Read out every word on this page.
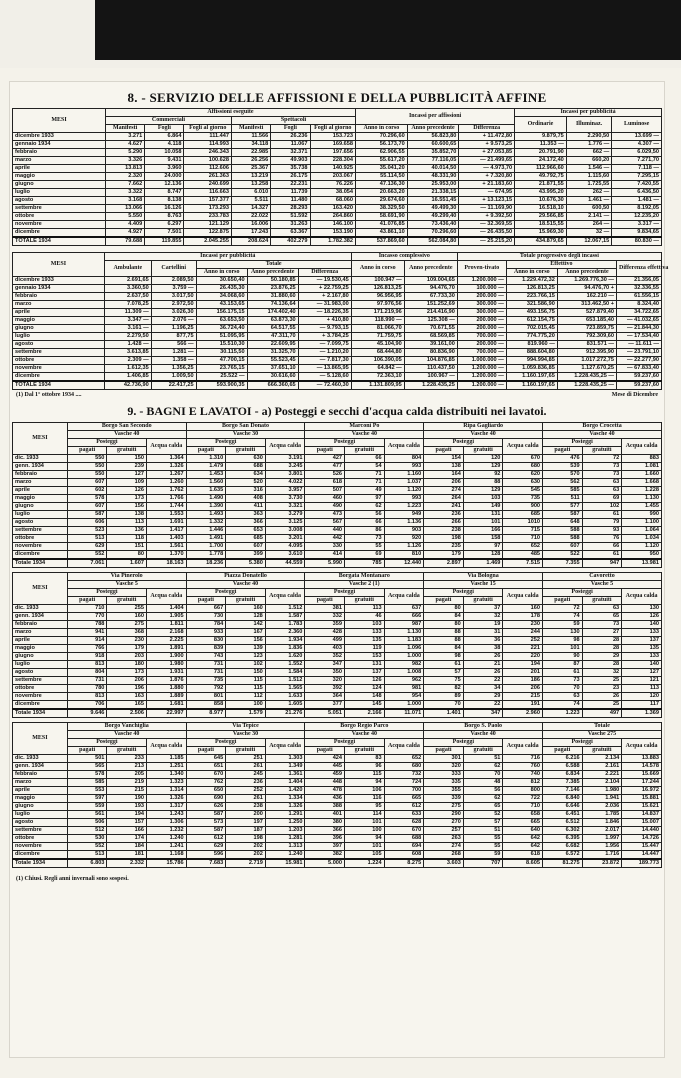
8. - SERVIZIO DELLE AFFISSIONI E DELLA PUBBLICITÀ AFFINE
MESI	Affissioni eseguite						Incassi per affissioni			Incassi per pubblicità		
	Commerciali			Spettacoli						Ordinarie	Illuminaz.	Luminose
	Manifesti	Fogli	Fogli al giorno	Manifesti	Fogli	Fogli al giorno	Anno in corso	Anno precedente	Differenza			
dicembre 1933	3.271	6.864	111.447	11.566	26.236	153.723	70.296,60	56.823,80	+ 11.472,80	9.879,75	2.290,50	13.699 —
gennaio 1934	4.627	4.118	114.993	34.118	11.067	169.658	56.173,70	60.600,65	+ 9.573,25	11.353 —	1.776 —	4.307 —
febbraio	5.290	10.058	246.343	22.985	32.371	197.656	62.906,55	35.852,70	+ 27.053,85	20.791,90	662 —	6.029,50
marzo	3.326	9.431	100.628	26.256	49.903	228.304	55.617,20	77.116,05	— 21.499,65	24.172,40	660,20	7.271,70
aprile	13.813	3.960	112.606	25.367	35.738	140.925	35.041,20	40.014,50	— 4.973,70	112.966,60	1.546 —	7.118 —
maggio	2.320	24.000	261.363	13.219	26.175	203.067	55.114,50	48.331,90	+ 7.320,80	49.792,75	1.115,60	7.295,15
giugno	7.662	12.136	240.699	13.258	22.231	76.226	47.136,30	25.953,00	+ 21.183,60	21.871,55	1.725,55	7.420,55
luglio	3.322	8.747	116.663	6.010	11.739	38.054	20.663,20	21.338,15	— 674,95	43.995,20	262 —	6.436,50
agosto	3.168	8.138	157.377	5.511	11.480	68.060	29.674,60	16.551,45	+ 13.123,15	10.676,30	1.461 —	1.481 —
settembre	13.066	16.126	173.293	14.327	28.293	163.420	38.329,50	49.499,30	— 11.169,90	16.518,10	600,50	8.192,05
ottobre	5.550	8.763	233.783	22.022	51.592	264.860	58.691,90	49.299,40	+ 9.392,50	29.566,85	2.141 —	12.235,20
novembre	4.409	6.297	121.129	16.006	31.263	146.100	41.076,85	73.436,40	— 32.369,55	18.515,55	264 —	3.317 —
dicembre	4.927	7.501	122.875	17.243	63.367	153.190	43.861,10	70.296,60	— 26.435,50	15.969,30	32 —	9.834,65
TOTALE 1934	79.688	119.855	2.045.255	208.624	402.279	1.782.382	537.869,60	562.084,80	— 25.215,20	434.879,65	12.067,15	80.830 —
MESI	Incassi per pubblicità					Incasso complessivo		Totale progressivo degli incassi			
	Ambulante	Cartellini	Totale			Anno in corso	Anno precedente	Proven-tivato	Effettivo		Differenza effettiva
			Anno in corso	Anno precedente	Differenza				Anno in corso	Anno precedente	
dicembre 1933	2.691,65	2.089,50	30.650,40	50.180,85	— 19.530,45	100.947 —	109.004,65	1.200.000 —	1.229.472,32	1.269.776,30 —	21.356,05
gennaio 1934	3.360,50	3.759 —	26.435,30	23.876,25	+ 22.759,25	126.813,25	94.476,70	100.000 —	126.813,25	94.476,70 +	32.336,55
febbraio	2.637,50	3.017,50	34.068,60	31.880,60	+ 2.167,80	96.956,95	67.733,30	200.000 —	223.766,15	162.210 —	61.556,15
marzo	7.078,25	2.972,50	43.153,65	74.136,64	— 31.983,00	97.976,56	151.252,69	300.000 —	321.586,90	313.462,50 +	8.324,40
aprile	11.309 —	3.026,30	156.175,15	174.402,40	— 18.226,35	171.219,96	214.416,90	300.000 —	493.156,75	527.879,40	34.722,65
maggio	3.347 —	2.076 —	63.653,50	63.873,30	+ 410,80	118.990 —	125.308 —	200.000 —	612.154,75	653.185,40	— 41.032,65
giugno	3.161 —	1.196,25	36.724,40	64.517,55	— 9.793,15	81.066,70	70.671,55	200.000 —	702.015,45	723.859,75	— 21.844,30
luglio	2.279,50	877,75	51.095,95	47.311,70	+ 3.784,25	71.759,75	68.569,85	700.000 —	774.775,20	792.309,60	— 17.534,40
agosto	1.428 —	566 —	15.510,30	22.609,95	— 7.099,75	45.104,90	39.161,00	200.000 —	819.960 —	831.571 —	— 11.611 —
settembre	3.613,85	1.281 —	30.115,50	31.325,70	— 1.210,20	68.444,80	80.836,90	700.000 —	888.604,80	912.395,90	— 23.791,10
ottobre	2.309 —	1.358 —	47.700,15	55.523,45	— 7.817,30	106.390,05	104.876,85	1.000.000 —	994.994,85	1.017.272,75	— 22.277,90
novembre	1.612,35	1.356,25	23.765,15	37.651,10	— 13.865,95	64.842 —	110.437,50	1.200.000 —	1.059.836,85	1.127.670,25	— 67.833,40
dicembre	1.406,85	1.009,50	25.522 —	30.616,60	— 5.128,60	72.363,10	100.967 —	1.200.000 —	1.160.197,65	1.228.435,25 —	59.237,60
TOTALE 1934	42.736,90	22.417,25	593.900,35	666.360,65	— 72.460,30	1.131.809,95	1.228.435,25	1.200.000 —	1.160.197,65	1.228.435,25 —	59.237,60
(1) Dal 1° ottobre 1934 ....	Mese di Dicembre
9. - BAGNI E LAVATOI - a) Posteggi e secchi d'acqua calda distribuiti nei lavatoi.
MESI	Borgo San Secondo			Borgo San Donato			Marconi Po			Ripa Gagliardo			Borgo Crocetta		
	Vasche 40			Vasche 30			Vasche 40			Vasche 40			Vasche 40		
	Posteggi		Acqua calda	Posteggi		Acqua calda	Posteggi		Acqua calda	Posteggi		Acqua calda	Posteggi		Acqua calda
	pagati	gratuiti		pagati	gratuiti		pagati	gratuiti		pagati	gratuiti		pagati	gratuiti	
dic. 1933	550	150	1.364	1.310	630	3.191	427	66	804	154	120	670	476	72	883
genn. 1934	550	239	1.326	1.479	688	3.245	477	54	993	138	129	680	539	73	1.081
febbraio	550	127	1.267	1.453	634	3.801	526	71	1.160	164	92	620	570	73	1.660
marzo	607	109	1.260	1.560	520	4.022	618	71	1.037	206	88	630	562	63	1.668
aprile	602	126	1.762	1.635	316	3.957	507	49	1.120	274	129	545	585	63	1.228
maggio	578	173	1.766	1.490	408	3.730	460	97	993	264	103	735	511	69	1.130
giugno	607	156	1.744	1.390	411	3.321	490	62	1.223	241	149	900	577	102	1.455
luglio	587	138	1.553	1.493	363	3.279	473	56	949	236	131	685	587	61	990
agosto	606	113	1.691	1.332	366	3.125	567	66	1.136	266	101	1010	648	79	1.100
settembre	523	136	1.417	1.446	653	3.008	440	86	903	238	166	715	588	93	1.064
ottobre	513	118	1.403	1.491	685	3.201	442	73	920	198	158	710	588	76	1.034
novembre	629	151	1.561	1.700	607	4.095	330	55	1.126	235	97	652	607	66	1.120
dicembre	552	80	1.370	1.778	399	3.610	414	69	810	179	128	485	522	61	950
Totale 1934	7.061	1.607	18.163	18.236	5.380	44.559	5.990	785	12.440	2.897	1.469	7.515	7.355	947	13.981
MESI	Via Pinerolo			Piazza Donatello			Borgata Montanaro			Via Bologna			Cavoretto		
	Vasche 5			Vasche 40			Vasche 2 (1)			Vasche 15			Vasche 5		
	Posteggi		Acqua calda	Posteggi		Acqua calda	Posteggi		Acqua calda	Posteggi		Acqua calda	Posteggi		Acqua calda
	pagati	gratuiti		pagati	gratuiti		pagati	gratuiti		pagati	gratuiti		pagati	gratuiti	
dic. 1933	710	255	1.404	667	160	1.512	381	113	637	80	37	160	72	63	130
genn. 1934	770	160	1.905	730	128	1.587	332	46	666	84	32	178	74	65	126
febbraio	788	275	1.811	784	142	1.783	359	103	987	80	19	230	59	73	140
marzo	941	368	2.168	933	167	2.360	428	133	1.130	88	31	244	130	27	133
aprile	914	230	2.225	830	156	1.934	499	135	1.183	88	36	252	98	28	137
maggio	766	179	1.891	839	139	1.836	403	119	1.096	84	38	221	101	28	135
giugno	918	203	1.900	743	123	1.620	352	153	1.000	98	26	220	90	29	133
luglio	813	180	1.980	731	102	1.552	347	131	982	61	21	194	87	28	140
agosto	804	173	1.931	731	150	1.584	350	137	1.008	57	26	201	61	32	127
settembre	731	206	1.876	735	115	1.512	320	126	962	75	22	186	73	25	121
ottobre	780	196	1.880	792	115	1.565	392	124	981	82	34	206	70	23	113
novembre	813	163	1.889	801	112	1.633	364	148	954	89	29	215	63	26	120
dicembre	706	165	1.681	858	100	1.605	377	145	1.000	70	22	191	74	25	117
Totale 1934	9.646	2.506	22.997	8.977	1.579	21.276	5.051	2.166	11.071	1.401	347	2.960	1.223	497	1.369
MESI	Borgo Vanchiglia			Via Tepice			Borgo Regio Parco			Borgo S. Paolo			Totale		
	Vasche 40			Vasche 30			Vasche 40			Vasche 40			Vasche 275		
	Posteggi		Acqua calda	Posteggi		Acqua calda	Posteggi		Acqua calda	Posteggi		Acqua calda	Posteggi		Acqua calda
	pagati	gratuiti		pagati	gratuiti		pagati	gratuiti		pagati	gratuiti		pagati	gratuiti	
dic. 1933	501	233	1.185	645	251	1.303	424	83	652	301	51	716	6.216	2.134	13.883
genn. 1934	565	213	1.251	651	261	1.349	445	96	680	320	62	760	6.588	2.161	14.578
febbraio	578	205	1.340	670	245	1.361	459	115	732	333	70	740	6.834	2.221	15.669
marzo	585	219	1.323	762	236	1.404	448	94	724	335	48	812	7.385	2.104	17.244
aprile	553	215	1.314	650	252	1.420	478	106	700	355	56	800	7.146	1.980	16.972
maggio	597	190	1.326	690	261	1.334	436	116	665	339	62	722	6.840	1.941	15.881
giugno	559	193	1.317	626	238	1.326	388	95	612	275	65	710	6.646	2.036	15.621
luglio	561	194	1.243	587	200	1.291	401	114	633	290	52	658	6.451	1.785	14.837
agosto	506	157	1.306	573	197	1.250	380	101	628	270	57	665	6.512	1.846	15.007
settembre	512	166	1.232	587	187	1.203	366	100	670	257	51	640	6.302	2.017	14.440
ottobre	530	174	1.240	612	198	1.281	396	94	688	263	55	642	6.395	1.997	14.726
novembre	552	184	1.241	629	202	1.313	397	101	694	274	55	642	6.682	1.956	15.447
dicembre	513	181	1.168	596	202	1.240	382	105	608	268	59	618	6.572	1.716	14.447
Totale 1934	6.803	2.332	15.786	7.683	2.719	15.981	5.000	1.224	8.275	3.603	707	8.605	81.275	23.872	189.773
(1) Chiusi. Regli anni invernali sono sospesi.
